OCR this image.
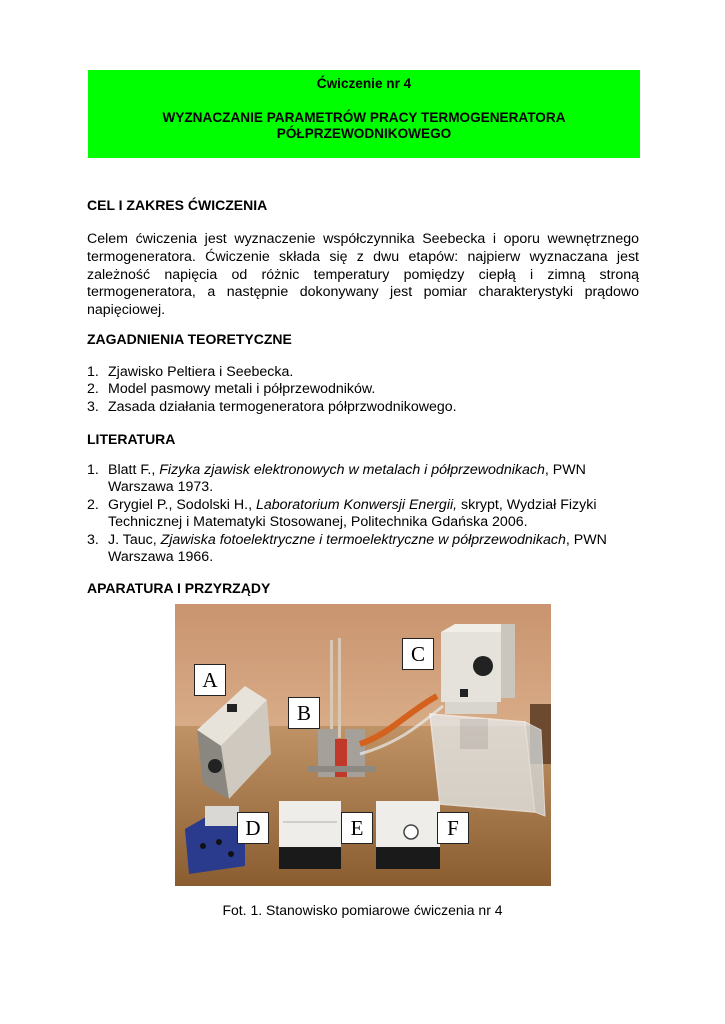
Ćwiczenie nr 4
WYZNACZANIE PARAMETRÓW PRACY TERMOGENERATORA PÓŁPRZEWODNIKOWEGO
CEL I ZAKRES ĆWICZENIA

Celem ćwiczenia jest wyznaczenie współczynnika Seebecka i oporu wewnętrznego termogeneratora. Ćwiczenie składa się z dwu etapów: najpierw wyznaczana jest zależność napięcia od różnic temperatury pomiędzy ciepłą i zimną stroną termogeneratora, a następnie dokonywany jest pomiar charakterystyki prądowo napięciowej.

ZAGADNIENIA TEORETYCZNE
1. Zjawisko Peltiera i Seebecka.
2. Model pasmowy metali i półprzewodników.
3. Zasada działania termogeneratora półprzwodnikowego.
LITERATURA
1. Blatt F., Fizyka zjawisk elektronowych w metalach i półprzewodnikach, PWN Warszawa 1973.
2. Grygiel P., Sodolski H., Laboratorium Konwersji Energii, skrypt, Wydział Fizyki Technicznej i Matematyki Stosowanej, Politechnika Gdańska 2006.
3. J. Tauc, Zjawiska fotoelektryczne i termoelektryczne w półprzewodnikach, PWN Warszawa 1966.
APARATURA I PRZYRZĄDY
A
B
C
D	E	F
Fot. 1. Stanowisko pomiarowe ćwiczenia nr 4
